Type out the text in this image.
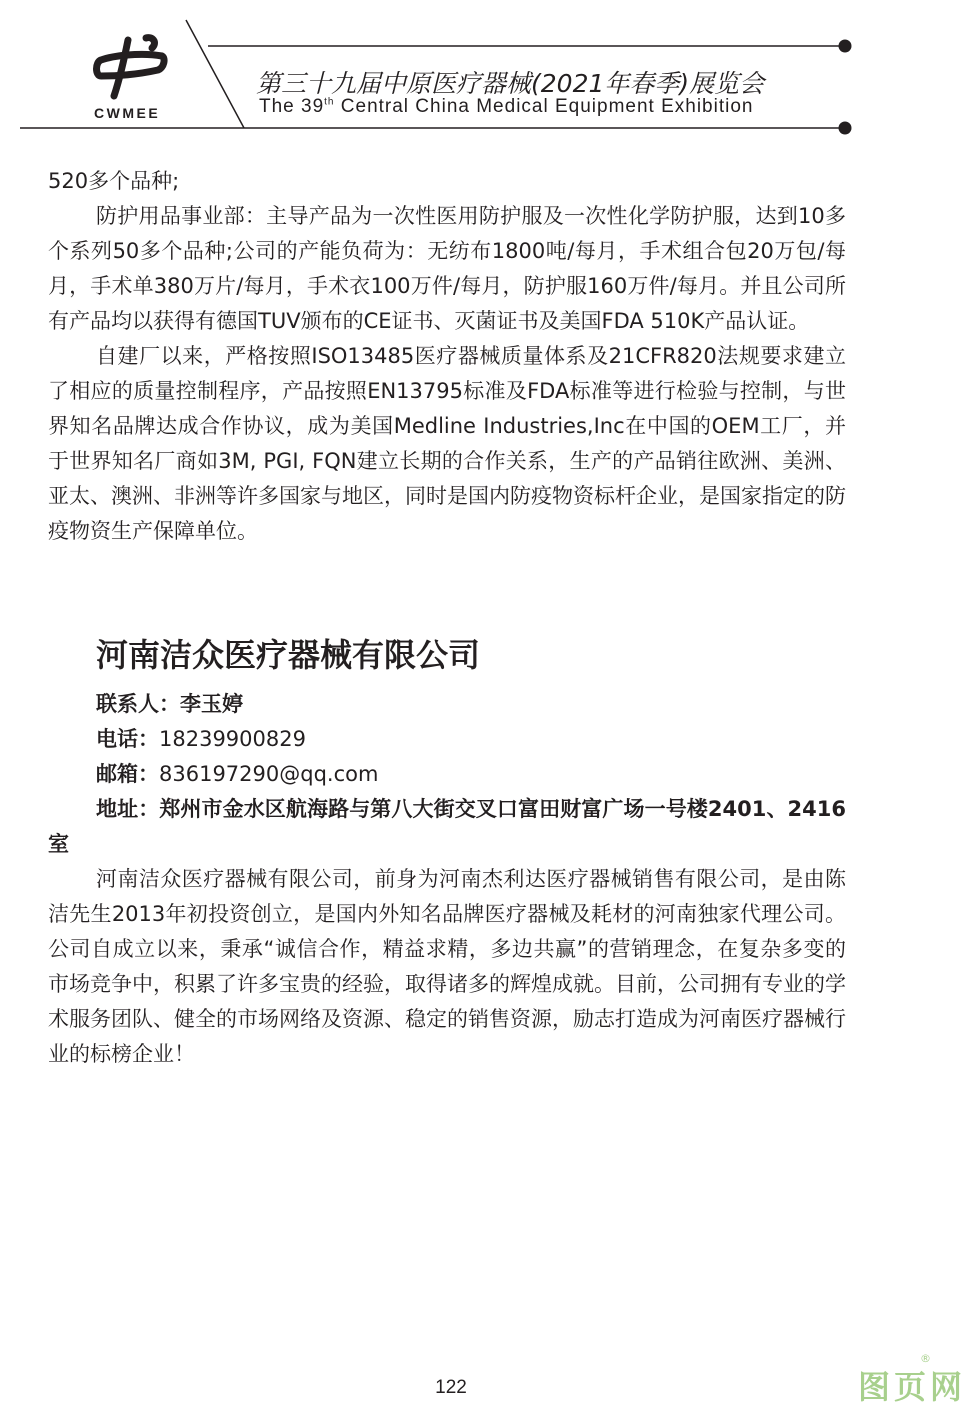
CWMEE
第三十九届中原医疗器械(2021年春季)展览会
The 39th Central China Medical Equipment Exhibition

520多个品种;

防护用品事业部：主导产品为一次性医用防护服及一次性化学防护服，达到10多个系列50多个品种;公司的产能负荷为：无纺布1800吨/每月，手术组合包20万包/每月，手术单380万片/每月，手术衣100万件/每月，防护服160万件/每月。并且公司所有产品均以获得有德国TUV颁布的CE证书、灭菌证书及美国FDA 510K产品认证。

自建厂以来，严格按照ISO13485医疗器械质量体系及21CFR820法规要求建立了相应的质量控制程序，产品按照EN13795标准及FDA标准等进行检验与控制，与世界知名品牌达成合作协议，成为美国Medline Industries,Inc在中国的OEM工厂，并于世界知名厂商如3M, PGI, FQN建立长期的合作关系，生产的产品销往欧洲、美洲、亚太、澳洲、非洲等许多国家与地区，同时是国内防疫物资标杆企业，是国家指定的防疫物资生产保障单位。

河南洁众医疗器械有限公司

联系人：李玉婷

电话：18239900829

邮箱：836197290@qq.com

地址：郑州市金水区航海路与第八大街交叉口富田财富广场一号楼2401、2416室

河南洁众医疗器械有限公司，前身为河南杰利达医疗器械销售有限公司，是由陈洁先生2013年初投资创立，是国内外知名品牌医疗器械及耗材的河南独家代理公司。公司自成立以来，秉承“诚信合作，精益求精，多边共赢”的营销理念，在复杂多变的市场竞争中，积累了许多宝贵的经验，取得诸多的辉煌成就。目前，公司拥有专业的学术服务团队、健全的市场网络及资源、稳定的销售资源，励志打造成为河南医疗器械行业的标榜企业！

122	图页网
®
